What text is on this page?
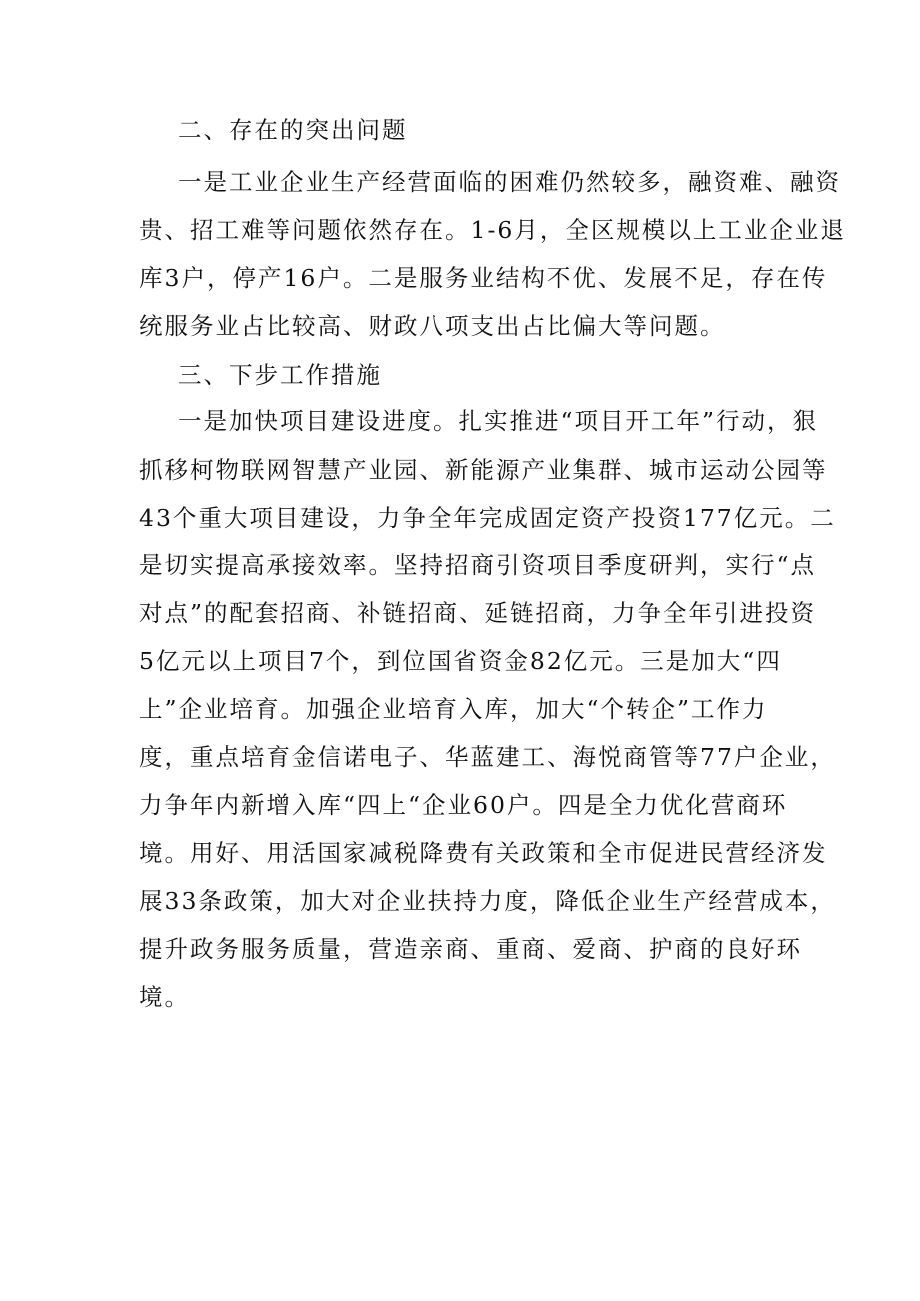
二、存在的突出问题
一是工业企业生产经营面临的困难仍然较多，融资难、融资
贵、招工难等问题依然存在。1-6月，全区规模以上工业企业退
库3户，停产16户。二是服务业结构不优、发展不足，存在传
统服务业占比较高、财政八项支出占比偏大等问题。
三、下步工作措施
一是加快项目建设进度。扎实推进“项目开工年”行动，狠
抓移柯物联网智慧产业园、新能源产业集群、城市运动公园等
43个重大项目建设，力争全年完成固定资产投资177亿元。二
是切实提高承接效率。坚持招商引资项目季度研判，实行“点
对点”的配套招商、补链招商、延链招商，力争全年引进投资
5亿元以上项目7个，到位国省资金82亿元。三是加大“四
上”企业培育。加强企业培育入库，加大“个转企”工作力
度，重点培育金信诺电子、华蓝建工、海悦商管等77户企业，
力争年内新增入库“四上“企业60户。四是全力优化营商环
境。用好、用活国家减税降费有关政策和全市促进民营经济发
展33条政策，加大对企业扶持力度，降低企业生产经营成本，
提升政务服务质量，营造亲商、重商、爱商、护商的良好环
境。
